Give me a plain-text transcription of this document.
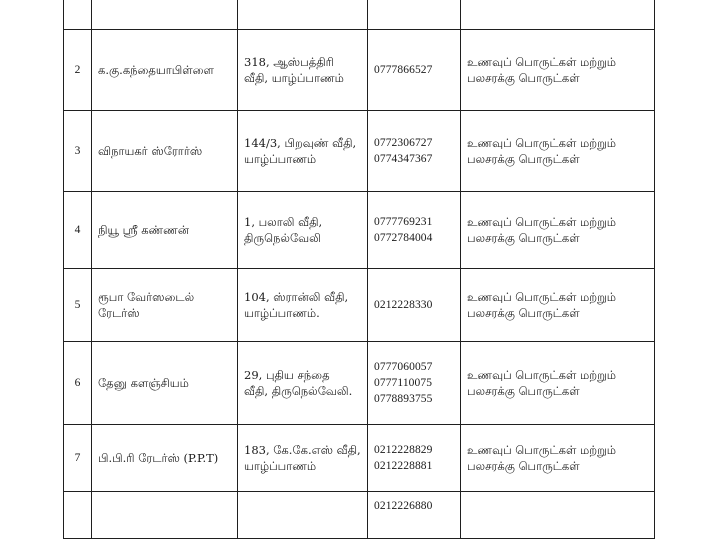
2	க.கு.கந்தையாபிள்ளை	318, ஆஸ்பத்திரி
வீதி, யாழ்ப்பாணம்	0777866527	உணவுப் பொருட்கள் மற்றும்
பலசரக்கு பொருட்கள்

3	விநாயகர் ஸ்ரோர்ஸ்	144/3, பிறவுண் வீதி,
யாழ்ப்பாணம்	0772306727
0774347367	உணவுப் பொருட்கள் மற்றும்
பலசரக்கு பொருட்கள்

4	நியூ ஸ்ரீ கண்ணன்	1, பலாலி வீதி,
திருநெல்வேலி	0777769231
0772784004	உணவுப் பொருட்கள் மற்றும்
பலசரக்கு பொருட்கள்

5	ரூபா வேர்ஸடைல்
ரேடர்ஸ்	104, ஸ்ரான்லி வீதி,
யாழ்ப்பாணம்.	0212228330	உணவுப் பொருட்கள் மற்றும்
பலசரக்கு பொருட்கள்

6	தேனு களஞ்சியம்	29, புதிய சந்தை
வீதி, திருநெல்வேலி.	0777060057
0777110075
0778893755	உணவுப் பொருட்கள் மற்றும்
பலசரக்கு பொருட்கள்

7	பி.பி.ரி ரேடர்ஸ் (P.P.T)	183, கே.கே.எஸ் வீதி,
யாழ்ப்பாணம்	0212228829
0212228881	உணவுப் பொருட்கள் மற்றும்
பலசரக்கு பொருட்கள்

			0212226880	
